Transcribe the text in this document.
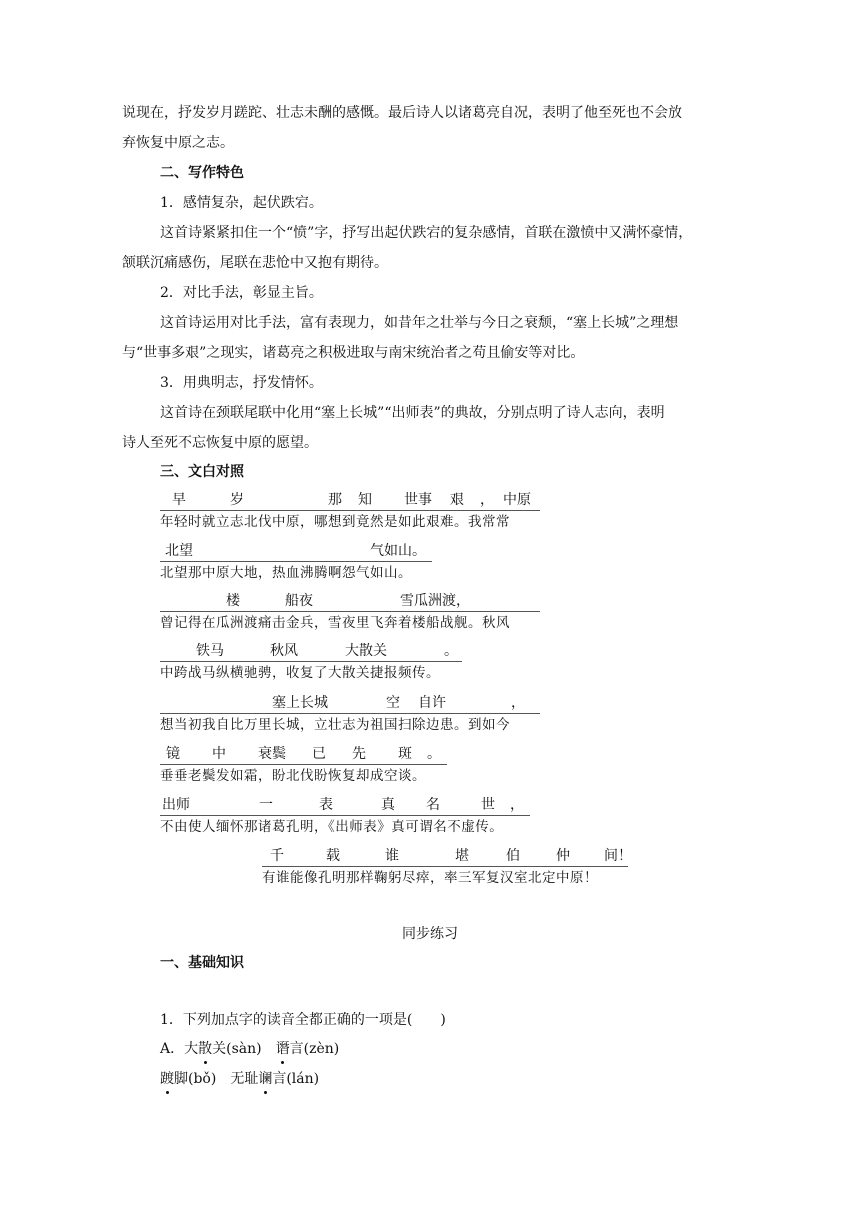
说现在，抒发岁月蹉跎、壮志未酬的感慨。最后诗人以诸葛亮自况，表明了他至死也不会放
弃恢复中原之志。
二、写作特色
1．感情复杂，起伏跌宕。
这首诗紧紧扣住一个“愤”字，抒写出起伏跌宕的复杂感情，首联在激愤中又满怀豪情，
颔联沉痛感伤，尾联在悲怆中又抱有期待。
2．对比手法，彰显主旨。
这首诗运用对比手法，富有表现力，如昔年之壮举与今日之衰颓，“塞上长城”之理想
与“世事多艰”之现实，诸葛亮之积极进取与南宋统治者之苟且偷安等对比。
3．用典明志，抒发情怀。
这首诗在颈联尾联中化用“塞上长城”“出师表”的典故，分别点明了诗人志向，表明
诗人至死不忘恢复中原的愿望。
三、文白对照
早	岁	那 知 世事 艰 ， 中原
年轻时就立志北伐中原，哪想到竟然是如此艰难。我常常
北望	气如山。
北望那中原大地，热血沸腾啊怨气如山。
楼	船夜	雪瓜洲渡，
曾记得在瓜洲渡痛击金兵，雪夜里飞奔着楼船战舰。秋风
铁马	秋风	大散关	。
中跨战马纵横驰骋，收复了大散关捷报频传。
塞上长城	空 自许	，
想当初我自比万里长城，立壮志为祖国扫除边患。到如今
镜 中 衰鬓 已 先 斑 。
垂垂老鬓发如霜，盼北伐盼恢复却成空谈。
出师	一	表	真 名	世 ，
不由使人缅怀那诸葛孔明，《出师表》真可谓名不虚传。
千	载	谁	堪	伯	仲 间！
有谁能像孔明那样鞠躬尽瘁，率三军复汉室北定中原！
同步练习
一、基础知识
1．下列加点字的读音全都正确的一项是(　　)
A．大散关(sàn)　谮言(zèn)
踱脚(bǒ)　无耻谰言(lán)
